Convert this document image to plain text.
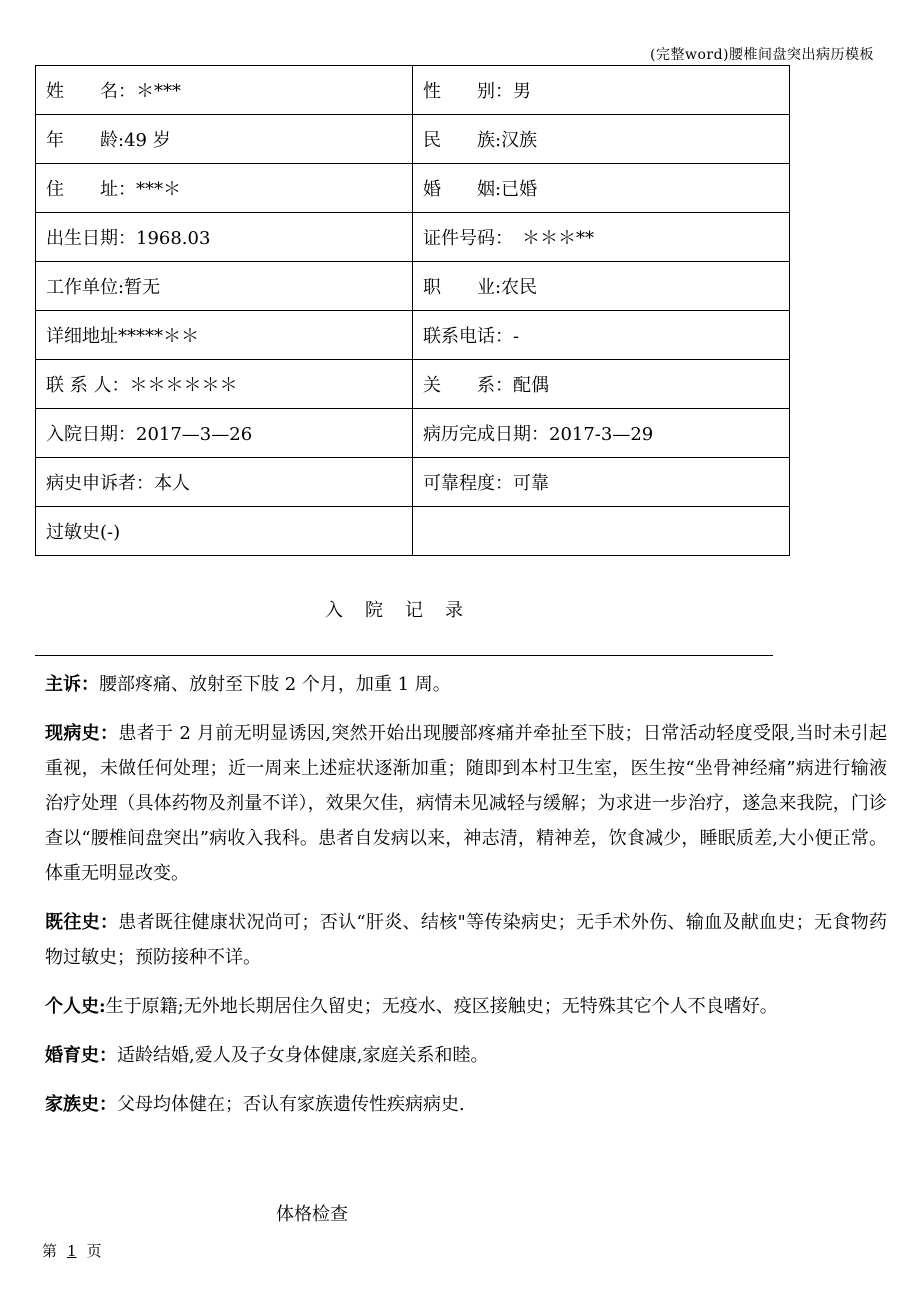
(完整word)腰椎间盘突出病历模板
姓　　名：＊***	性　　别：男
年　　龄:49 岁	民　　族:汉族
住　　址：***＊	婚　　姻:已婚
出生日期：1968.03	证件号码：　＊＊＊**
工作单位:暂无	职　　业:农民
详细地址*****＊＊	联系电话：-
联 系 人：＊＊＊＊＊＊	关　　系：配偶
入院日期：2017—3—26	病历完成日期：2017-3—29
病史申诉者：本人	可靠程度：可靠
过敏史(-)	
入院记录

主诉：腰部疼痛、放射至下肢 2 个月，加重 1 周。

现病史：患者于 2 月前无明显诱因,突然开始出现腰部疼痛并牵扯至下肢；日常活动轻度受限,当时未引起重视，未做任何处理；近一周来上述症状逐渐加重；随即到本村卫生室，医生按“坐骨神经痛”病进行输液治疗处理（具体药物及剂量不详），效果欠佳，病情未见减轻与缓解；为求进一步治疗，遂急来我院，门诊查以“腰椎间盘突出”病收入我科。患者自发病以来，神志清，精神差，饮食减少，睡眠质差,大小便正常。体重无明显改变。

既往史：患者既往健康状况尚可；否认“肝炎、结核"等传染病史；无手术外伤、输血及献血史；无食物药物过敏史；预防接种不详。

个人史:生于原籍;无外地长期居住久留史；无疫水、疫区接触史；无特殊其它个人不良嗜好。

婚育史：适龄结婚,爱人及子女身体健康,家庭关系和睦。

家族史：父母均体健在；否认有家族遗传性疾病病史.

体格检查
第 1 页
